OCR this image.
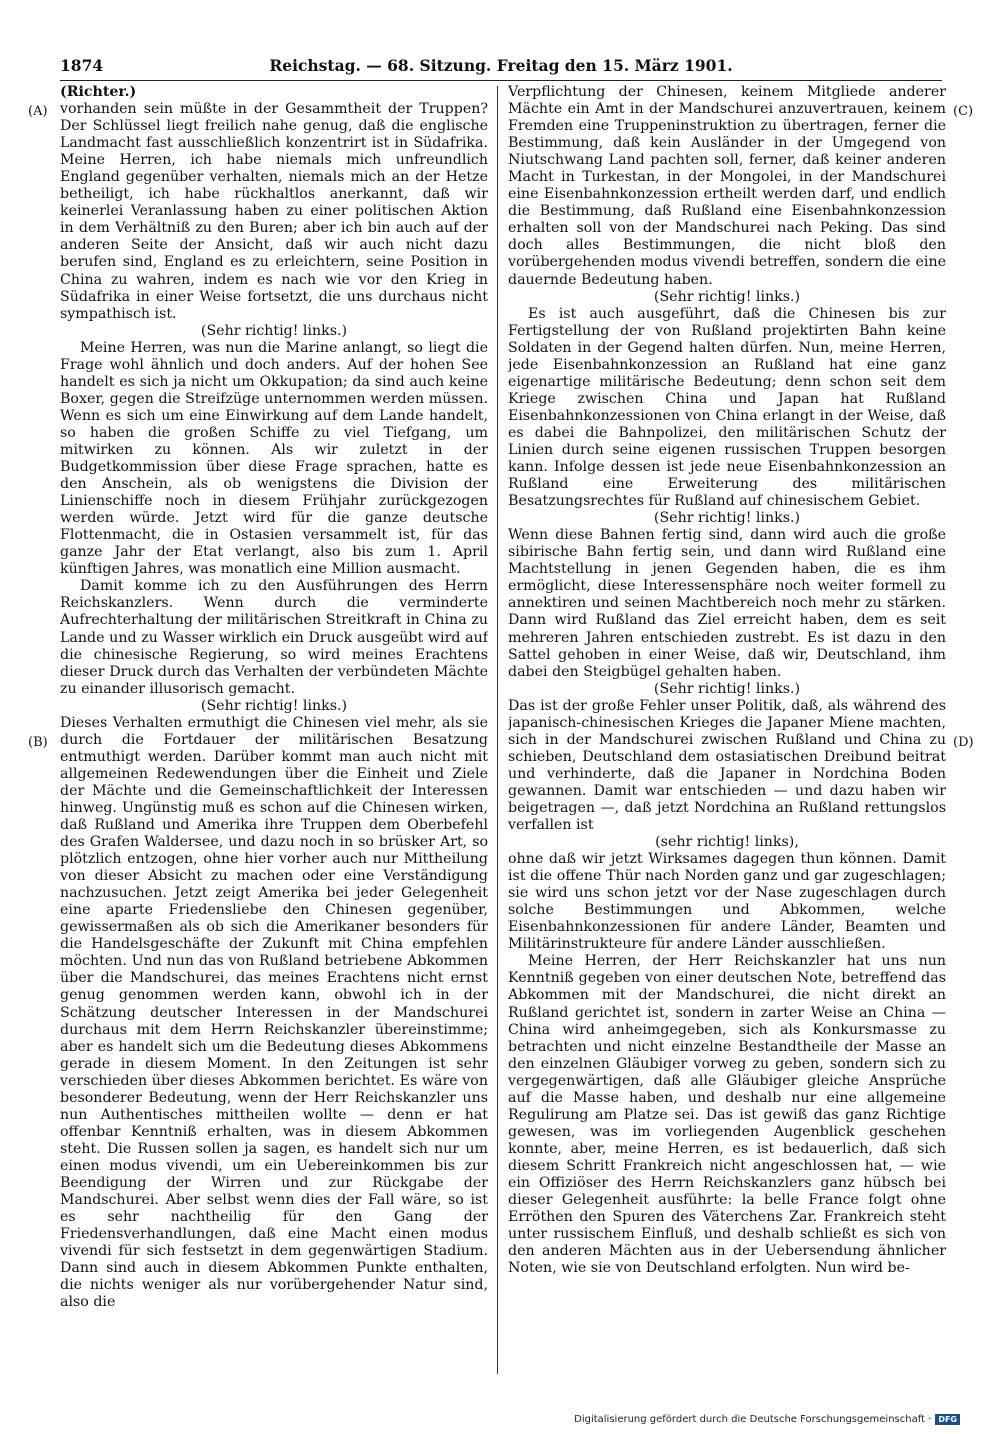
1874	Reichstag. — 68. Sitzung. Freitag den 15. März 1901.
(A)
(B)
(C)
(D)

(Richter.)

vorhanden sein müßte in der Gesammtheit der Truppen? Der Schlüssel liegt freilich nahe genug, daß die englische Landmacht fast ausschließlich konzentrirt ist in Südafrika. Meine Herren, ich habe niemals mich unfreundlich England gegenüber verhalten, niemals mich an der Hetze betheiligt, ich habe rückhaltlos anerkannt, daß wir keinerlei Veranlassung haben zu einer politischen Aktion in dem Verhältniß zu den Buren; aber ich bin auch auf der anderen Seite der Ansicht, daß wir auch nicht dazu berufen sind, England es zu erleichtern, seine Position in China zu wahren, indem es nach wie vor den Krieg in Südafrika in einer Weise fortsetzt, die uns durchaus nicht sympathisch ist.

(Sehr richtig! links.)

Meine Herren, was nun die Marine anlangt, so liegt die Frage wohl ähnlich und doch anders. Auf der hohen See handelt es sich ja nicht um Okkupation; da sind auch keine Boxer, gegen die Streifzüge unternommen werden müssen. Wenn es sich um eine Einwirkung auf dem Lande handelt, so haben die großen Schiffe zu viel Tiefgang, um mitwirken zu können. Als wir zuletzt in der Budgetkommission über diese Frage sprachen, hatte es den Anschein, als ob wenigstens die Division der Linienschiffe noch in diesem Frühjahr zurückgezogen werden würde. Jetzt wird für die ganze deutsche Flottenmacht, die in Ostasien versammelt ist, für das ganze Jahr der Etat verlangt, also bis zum 1. April künftigen Jahres, was monatlich eine Million ausmacht.

Damit komme ich zu den Ausführungen des Herrn Reichskanzlers. Wenn durch die verminderte Aufrechterhaltung der militärischen Streitkraft in China zu Lande und zu Wasser wirklich ein Druck ausgeübt wird auf die chinesische Regierung, so wird meines Erachtens dieser Druck durch das Verhalten der verbündeten Mächte zu einander illusorisch gemacht.

(Sehr richtig! links.)

Dieses Verhalten ermuthigt die Chinesen viel mehr, als sie durch die Fortdauer der militärischen Besatzung entmuthigt werden. Darüber kommt man auch nicht mit allgemeinen Redewendungen über die Einheit und Ziele der Mächte und die Gemeinschaftlichkeit der Interessen hinweg. Ungünstig muß es schon auf die Chinesen wirken, daß Rußland und Amerika ihre Truppen dem Oberbefehl des Grafen Waldersee, und dazu noch in so brüsker Art, so plötzlich entzogen, ohne hier vorher auch nur Mittheilung von dieser Absicht zu machen oder eine Verständigung nachzusuchen. Jetzt zeigt Amerika bei jeder Gelegenheit eine aparte Friedensliebe den Chinesen gegenüber, gewissermaßen als ob sich die Amerikaner besonders für die Handelsgeschäfte der Zukunft mit China empfehlen möchten. Und nun das von Rußland betriebene Abkommen über die Mandschurei, das meines Erachtens nicht ernst genug genommen werden kann, obwohl ich in der Schätzung deutscher Interessen in der Mandschurei durchaus mit dem Herrn Reichskanzler übereinstimme; aber es handelt sich um die Bedeutung dieses Abkommens gerade in diesem Moment. In den Zeitungen ist sehr verschieden über dieses Abkommen berichtet. Es wäre von besonderer Bedeutung, wenn der Herr Reichskanzler uns nun Authentisches mittheilen wollte — denn er hat offenbar Kenntniß erhalten, was in diesem Abkommen steht. Die Russen sollen ja sagen, es handelt sich nur um einen modus vivendi, um ein Uebereinkommen bis zur Beendigung der Wirren und zur Rückgabe der Mandschurei. Aber selbst wenn dies der Fall wäre, so ist es sehr nachtheilig für den Gang der Friedensverhandlungen, daß eine Macht einen modus vivendi für sich festsetzt in dem gegenwärtigen Stadium. Dann sind auch in diesem Abkommen Punkte enthalten, die nichts weniger als nur vorübergehender Natur sind, also die

Verpflichtung der Chinesen, keinem Mitgliede anderer Mächte ein Amt in der Mandschurei anzuvertrauen, keinem Fremden eine Truppeninstruktion zu übertragen, ferner die Bestimmung, daß kein Ausländer in der Umgegend von Niutschwang Land pachten soll, ferner, daß keiner anderen Macht in Turkestan, in der Mongolei, in der Mandschurei eine Eisenbahnkonzession ertheilt werden darf, und endlich die Bestimmung, daß Rußland eine Eisenbahnkonzession erhalten soll von der Mandschurei nach Peking. Das sind doch alles Bestimmungen, die nicht bloß den vorübergehenden modus vivendi betreffen, sondern die eine dauernde Bedeutung haben.

(Sehr richtig! links.)

Es ist auch ausgeführt, daß die Chinesen bis zur Fertigstellung der von Rußland projektirten Bahn keine Soldaten in der Gegend halten dürfen. Nun, meine Herren, jede Eisenbahnkonzession an Rußland hat eine ganz eigenartige militärische Bedeutung; denn schon seit dem Kriege zwischen China und Japan hat Rußland Eisenbahnkonzessionen von China erlangt in der Weise, daß es dabei die Bahnpolizei, den militärischen Schutz der Linien durch seine eigenen russischen Truppen besorgen kann. Infolge dessen ist jede neue Eisenbahnkonzession an Rußland eine Erweiterung des militärischen Besatzungsrechtes für Rußland auf chinesischem Gebiet.

(Sehr richtig! links.)

Wenn diese Bahnen fertig sind, dann wird auch die große sibirische Bahn fertig sein, und dann wird Rußland eine Machtstellung in jenen Gegenden haben, die es ihm ermöglicht, diese Interessensphäre noch weiter formell zu annektiren und seinen Machtbereich noch mehr zu stärken. Dann wird Rußland das Ziel erreicht haben, dem es seit mehreren Jahren entschieden zustrebt. Es ist dazu in den Sattel gehoben in einer Weise, daß wir, Deutschland, ihm dabei den Steigbügel gehalten haben.

(Sehr richtig! links.)

Das ist der große Fehler unser Politik, daß, als während des japanisch-chinesischen Krieges die Japaner Miene machten, sich in der Mandschurei zwischen Rußland und China zu schieben, Deutschland dem ostasiatischen Dreibund beitrat und verhinderte, daß die Japaner in Nordchina Boden gewannen. Damit war entschieden — und dazu haben wir beigetragen —, daß jetzt Nordchina an Rußland rettungslos verfallen ist

(sehr richtig! links),

ohne daß wir jetzt Wirksames dagegen thun können. Damit ist die offene Thür nach Norden ganz und gar zugeschlagen; sie wird uns schon jetzt vor der Nase zugeschlagen durch solche Bestimmungen und Abkommen, welche Eisenbahnkonzessionen für andere Länder, Beamten und Militärinstrukteure für andere Länder ausschließen.

Meine Herren, der Herr Reichskanzler hat uns nun Kenntniß gegeben von einer deutschen Note, betreffend das Abkommen mit der Mandschurei, die nicht direkt an Rußland gerichtet ist, sondern in zarter Weise an China — China wird anheimgegeben, sich als Konkursmasse zu betrachten und nicht einzelne Bestandtheile der Masse an den einzelnen Gläubiger vorweg zu geben, sondern sich zu vergegenwärtigen, daß alle Gläubiger gleiche Ansprüche auf die Masse haben, und deshalb nur eine allgemeine Regulirung am Platze sei. Das ist gewiß das ganz Richtige gewesen, was im vorliegenden Augenblick geschehen konnte, aber, meine Herren, es ist bedauerlich, daß sich diesem Schritt Frankreich nicht angeschlossen hat, — wie ein Offiziöser des Herrn Reichskanzlers ganz hübsch bei dieser Gelegenheit ausführte: la belle France folgt ohne Erröthen den Spuren des Väterchens Zar. Frankreich steht unter russischem Einfluß, und deshalb schließt es sich von den anderen Mächten aus in der Uebersendung ähnlicher Noten, wie sie von Deutschland erfolgten. Nun wird be-

Digitalisierung gefördert durch die Deutsche Forschungsgemeinschaft · DFG
